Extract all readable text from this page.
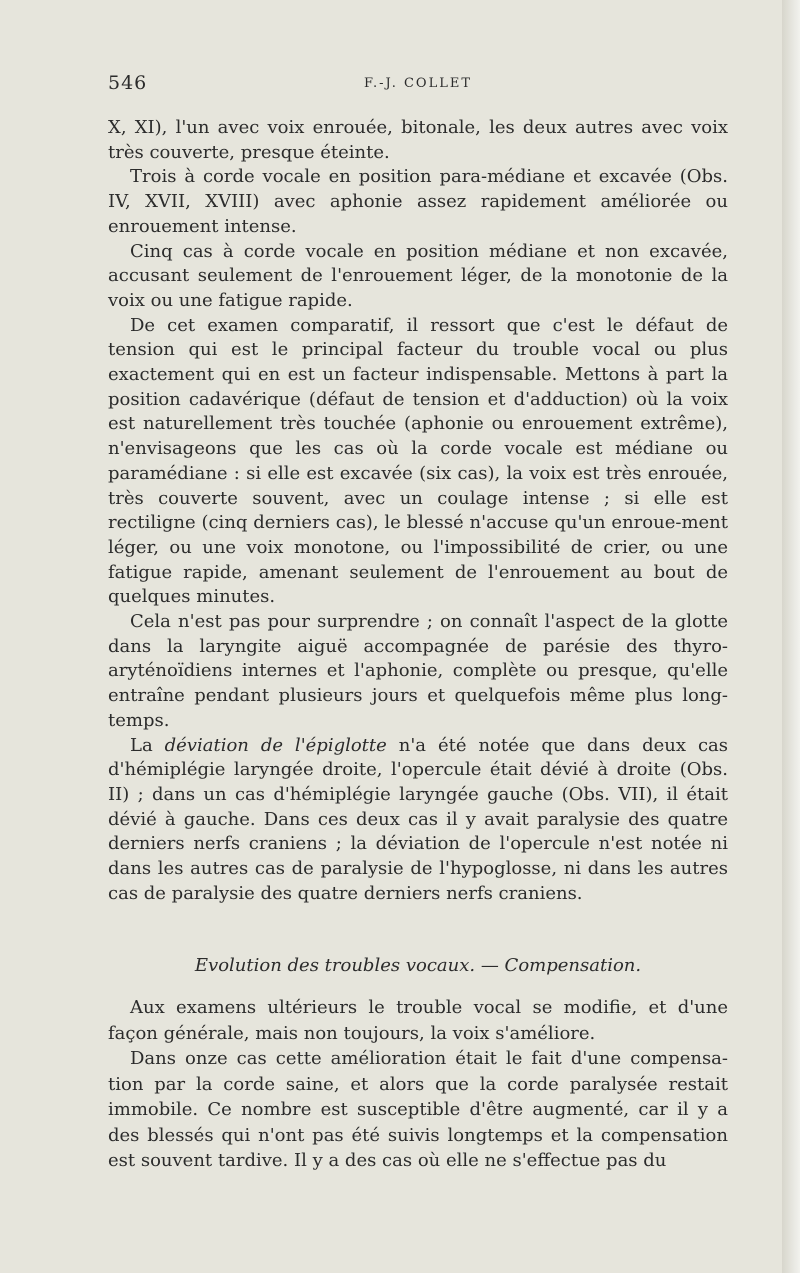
546	F.-J. COLLET

X, XI), l'un avec voix enrouée, bitonale, les deux autres avec voix très couverte, presque éteinte.

Trois à corde vocale en position para-médiane et excavée (Obs. IV, XVII, XVIII) avec aphonie assez rapidement améliorée ou enrouement intense.

Cinq cas à corde vocale en position médiane et non excavée, accusant seulement de l'enrouement léger, de la monotonie de la voix ou une fatigue rapide.

De cet examen comparatif, il ressort que c'est le défaut de tension qui est le principal facteur du trouble vocal ou plus exactement qui en est un facteur indispensable. Mettons à part la position cadavérique (défaut de tension et d'adduction) où la voix est naturellement très touchée (aphonie ou enrouement extrême), n'envisageons que les cas où la corde vocale est médiane ou paramédiane : si elle est excavée (six cas), la voix est très enrouée, très couverte souvent, avec un coulage intense ; si elle est rectiligne (cinq derniers cas), le blessé n'accuse qu'un enroue-ment léger, ou une voix monotone, ou l'impossibilité de crier, ou une fatigue rapide, amenant seulement de l'enrouement au bout de quelques minutes.

Cela n'est pas pour surprendre ; on connaît l'aspect de la glotte dans la laryngite aiguë accompagnée de parésie des thyro-aryténoïdiens internes et l'aphonie, complète ou presque, qu'elle entraîne pendant plusieurs jours et quelquefois même plus long-temps.

La déviation de l'épiglotte n'a été notée que dans deux cas d'hémiplégie laryngée droite, l'opercule était dévié à droite (Obs. II) ; dans un cas d'hémiplégie laryngée gauche (Obs. VII), il était dévié à gauche. Dans ces deux cas il y avait paralysie des quatre derniers nerfs craniens ; la déviation de l'opercule n'est notée ni dans les autres cas de paralysie de l'hypoglosse, ni dans les autres cas de paralysie des quatre derniers nerfs craniens.

Evolution des troubles vocaux. — Compensation.

Aux examens ultérieurs le trouble vocal se modifie, et d'une façon générale, mais non toujours, la voix s'améliore.

Dans onze cas cette amélioration était le fait d'une compensa-tion par la corde saine, et alors que la corde paralysée restait immobile. Ce nombre est susceptible d'être augmenté, car il y a des blessés qui n'ont pas été suivis longtemps et la compensation est souvent tardive. Il y a des cas où elle ne s'effectue pas du
